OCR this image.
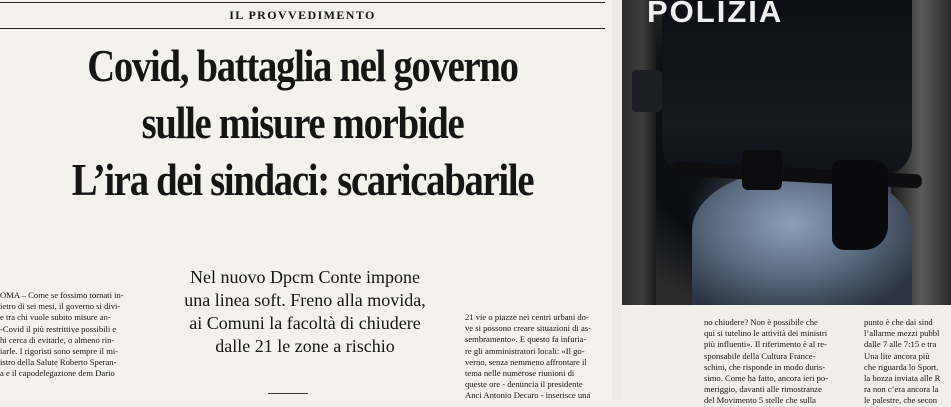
IL PROVVEDIMENTO
Covid, battaglia nel governo
sulle misure morbide
L’ira dei sindaci: scaricabarile
Nel nuovo Dpcm Conte impone
una linea soft. Freno alla movida,
ai Comuni la facoltà di chiudere
dalle 21 le zone a rischio
OMA – Come se fossimo tornati in-
ietro di sei mesi, il governo si divi-
e tra chi vuole subito misure an-
-Covid il più restrittive possibili e
hi cerca di evitarle, o almeno rin-
iarle. I rigoristi sono sempre il mi-
istro della Salute Roberto Speran-
a e il capodelegazione dem Dario
21 vie o piazze nei centri urbani do-
ve si possono creare situazioni di as-
sembramento». E questo fa infuria-
re gli amministratori locali: «Il go-
verno, senza nemmeno affrontare il
tema nelle numerose riunioni di
queste ore - denuncia il presidente
Anci Antonio Decaro - inserisce una
POLIZIA
no chiudere? Non è possibile che
qui si tutelino le attività dei ministri
più influenti». Il riferimento è al re-
sponsabile della Cultura France-
schini, che risponde in modo duris-
simo. Come ha fatto, ancora ieri po-
meriggio, davanti alle rimostranze
del Movimento 5 stelle che sulla
punto è che dai sind
l’allarme mezzi pubbl
dalle 7 alle 7:15 e tra
Una lite ancora più
che riguarda lo Sport.
la bozza inviata alle R
ra non c’era ancora la
le palestre, che secon
